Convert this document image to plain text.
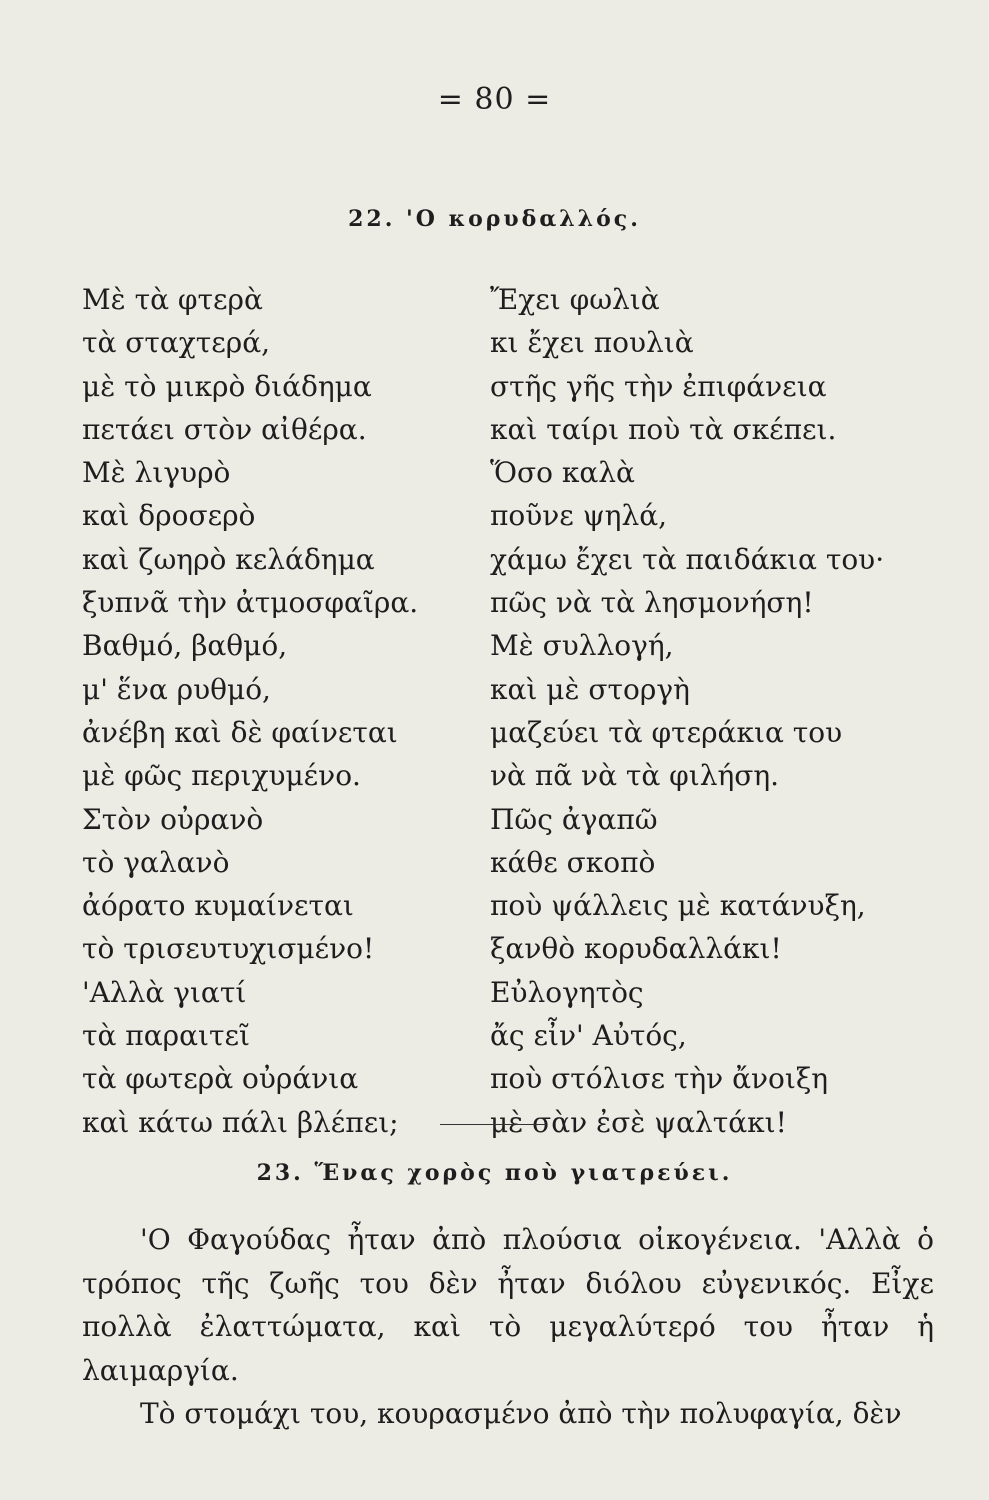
= 80 =
22. 'Ο κορυδαλλός.
Μὲ τὰ φτερὰ
τὰ σταχτερά,
μὲ τὸ μικρὸ διάδημα
πετάει στὸν αἰθέρα.
Μὲ λιγυρὸ
καὶ δροσερὸ
καὶ ζωηρὸ κελάδημα
ξυπνᾶ τὴν ἀτμοσφαῖρα.
Βαθμό, βαθμό,
μ' ἕνα ρυθμό,
ἀνέβη καὶ δὲ φαίνεται
μὲ φῶς περιχυμένο.
Στὸν οὐρανὸ
τὸ γαλανὸ
ἀόρατο κυμαίνεται
τὸ τρισευτυχισμένο!
'Αλλὰ γιατί
τὰ παραιτεῖ
τὰ φωτερὰ οὐράνια
καὶ κάτω πάλι βλέπει;
Ἔχει φωλιὰ
κι ἔχει πουλιὰ
στῆς γῆς τὴν ἐπιφάνεια
καὶ ταίρι ποὺ τὰ σκέπει.
Ὅσο καλὰ
ποῦνε ψηλά,
χάμω ἔχει τὰ παιδάκια του·
πῶς νὰ τὰ λησμονήση!
Μὲ συλλογή,
καὶ μὲ στοργὴ
μαζεύει τὰ φτεράκια του
νὰ πᾶ νὰ τὰ φιλήση.
Πῶς ἀγαπῶ
κάθε σκοπὸ
ποὺ ψάλλεις μὲ κατάνυξη,
ξανθὸ κορυδαλλάκι!
Εὐλογητὸς
ἄς εἶν' Αὐτός,
ποὺ στόλισε τὴν ἄνοιξη
μὲ σὰν ἐσὲ ψαλτάκι!
23. Ἕνας χορὸς ποὺ γιατρεύει.

'Ο Φαγούδας ἦταν ἀπὸ πλούσια οἰκογένεια. 'Αλλὰ ὁ τρόπος τῆς ζωῆς του δὲν ἦταν διόλου εὐγενικός. Εἶχε πολλὰ ἐλαττώματα, καὶ τὸ μεγαλύτερό του ἦταν ἡ λαιμαργία.

Τὸ στομάχι του, κουρασμένο ἀπὸ τὴν πολυφαγία, δὲν
